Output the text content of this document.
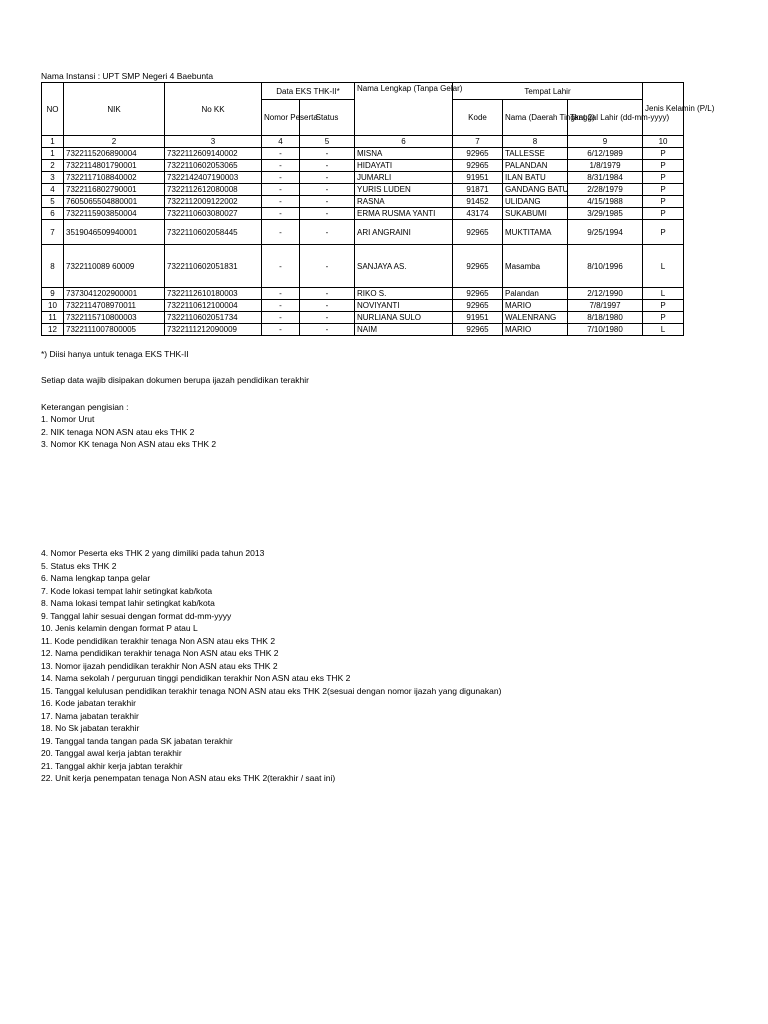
Nama Instansi : UPT SMP Negeri 4 Baebunta
NO	NIK	No KK	Data EKS THK-II*		Nama Lengkap (Tanpa Gelar)	Tempat Lahir			Jenis Kelamin (P/L)
			Nomor Peserta	Status		Kode	Nama (Daerah Tingkat 2)	Tanggal Lahir (dd-mm-yyyy)	
1	2	3	4	5	6	7	8	9	10
1	7322115206890004	7322112609140002	-	-	MISNA	92965	TALLESSE	6/12/1989	P
2	7322114801790001	7322110602053065	-	-	HIDAYATI	92965	PALANDAN	1/8/1979	P
3	7322117108840002	7322142407190003	-	-	JUMARLI	91951	ILAN BATU	8/31/1984	P
4	7322116802790001	7322112612080008	-	-	YURIS LUDEN	91871	GANDANG BATU	2/28/1979	P
5	7605065504880001	7322112009122002	-	-	RASNA	91452	ULIDANG	4/15/1988	P
6	7322115903850004	7322110603080027	-	-	ERMA RUSMA YANTI	43174	SUKABUMI	3/29/1985	P
7	3519046509940001	7322110602058445	-	-	ARI ANGRAINI	92965	MUKTITAMA	9/25/1994	P
8	7322110089 60009	7322110602051831	-	-	SANJAYA AS.	92965	Masamba	8/10/1996	L
9	7373041202900001	7322112610180003	-	-	RIKO S.	92965	Palandan	2/12/1990	L
10	7322114708970011	7322110612100004	-	-	NOVIYANTI	92965	MARIO	7/8/1997	P
11	7322115710800003	7322110602051734	-	-	NURLIANA SULO	91951	WALENRANG	8/18/1980	P
12	7322111007800005	7322111212090009	-	-	NAIM	92965	MARIO	7/10/1980	L
*) Diisi hanya untuk tenaga EKS THK-II
Setiap data wajib disipakan dokumen berupa ijazah pendidikan terakhir
Keterangan pengisian :
1. Nomor Urut
2. NIK tenaga NON ASN atau eks THK 2
3. Nomor KK tenaga Non ASN atau eks THK 2
4. Nomor Peserta eks THK 2 yang dimiliki pada tahun 2013
5. Status eks THK 2
6. Nama lengkap tanpa gelar
7. Kode lokasi tempat lahir setingkat kab/kota
8. Nama lokasi tempat lahir setingkat kab/kota
9. Tanggal lahir sesuai dengan format dd-mm-yyyy
10. Jenis kelamin dengan format P atau L
11. Kode pendidikan terakhir tenaga Non ASN atau eks THK 2
12. Nama pendidikan terakhir tenaga Non ASN atau eks THK 2
13. Nomor ijazah pendidikan terakhir Non ASN atau eks THK 2
14. Nama sekolah / perguruan tinggi pendidikan terakhir Non ASN atau eks THK 2
15. Tanggal kelulusan pendidikan terakhir tenaga NON ASN atau eks THK 2(sesuai dengan nomor ijazah yang digunakan)
16. Kode jabatan terakhir
17. Nama jabatan terakhir
18. No Sk jabatan terakhir
19. Tanggal tanda tangan pada SK jabatan terakhir
20. Tanggal awal kerja jabtan terakhir
21. Tanggal akhir kerja jabtan terakhir
22. Unit kerja penempatan tenaga Non ASN atau eks THK 2(terakhir / saat ini)
